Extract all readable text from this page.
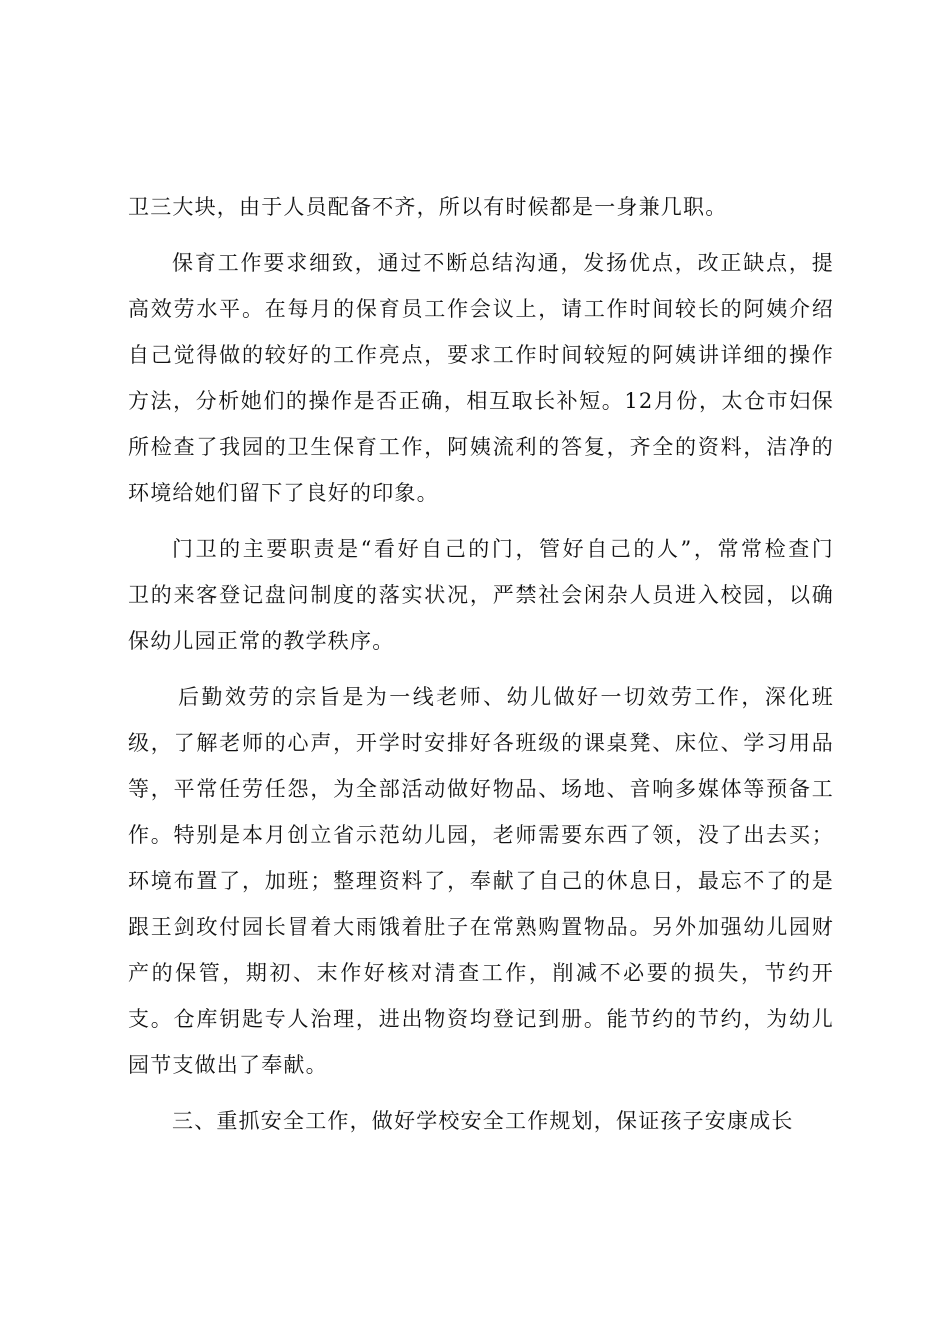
卫三大块，由于人员配备不齐，所以有时候都是一身兼几职。
保育工作要求细致，通过不断总结沟通，发扬优点，改正缺点，提
高效劳水平。在每月的保育员工作会议上，请工作时间较长的阿姨介绍
自己觉得做的较好的工作亮点，要求工作时间较短的阿姨讲详细的操作
方法，分析她们的操作是否正确，相互取长补短。12月份，太仓市妇保
所检查了我园的卫生保育工作，阿姨流利的答复，齐全的资料，洁净的
环境给她们留下了良好的印象。
门卫的主要职责是“看好自己的门，管好自己的人”，常常检查门
卫的来客登记盘问制度的落实状况，严禁社会闲杂人员进入校园，以确
保幼儿园正常的教学秩序。
后勤效劳的宗旨是为一线老师、幼儿做好一切效劳工作，深化班
级，了解老师的心声，开学时安排好各班级的课桌凳、床位、学习用品
等，平常任劳任怨，为全部活动做好物品、场地、音响多媒体等预备工
作。特别是本月创立省示范幼儿园，老师需要东西了领，没了出去买；
环境布置了，加班；整理资料了，奉献了自己的休息日，最忘不了的是
跟王剑玫付园长冒着大雨饿着肚子在常熟购置物品。另外加强幼儿园财
产的保管，期初、末作好核对清查工作，削减不必要的损失，节约开
支。仓库钥匙专人治理，进出物资均登记到册。能节约的节约，为幼儿
园节支做出了奉献。
三、重抓安全工作，做好学校安全工作规划，保证孩子安康成长
